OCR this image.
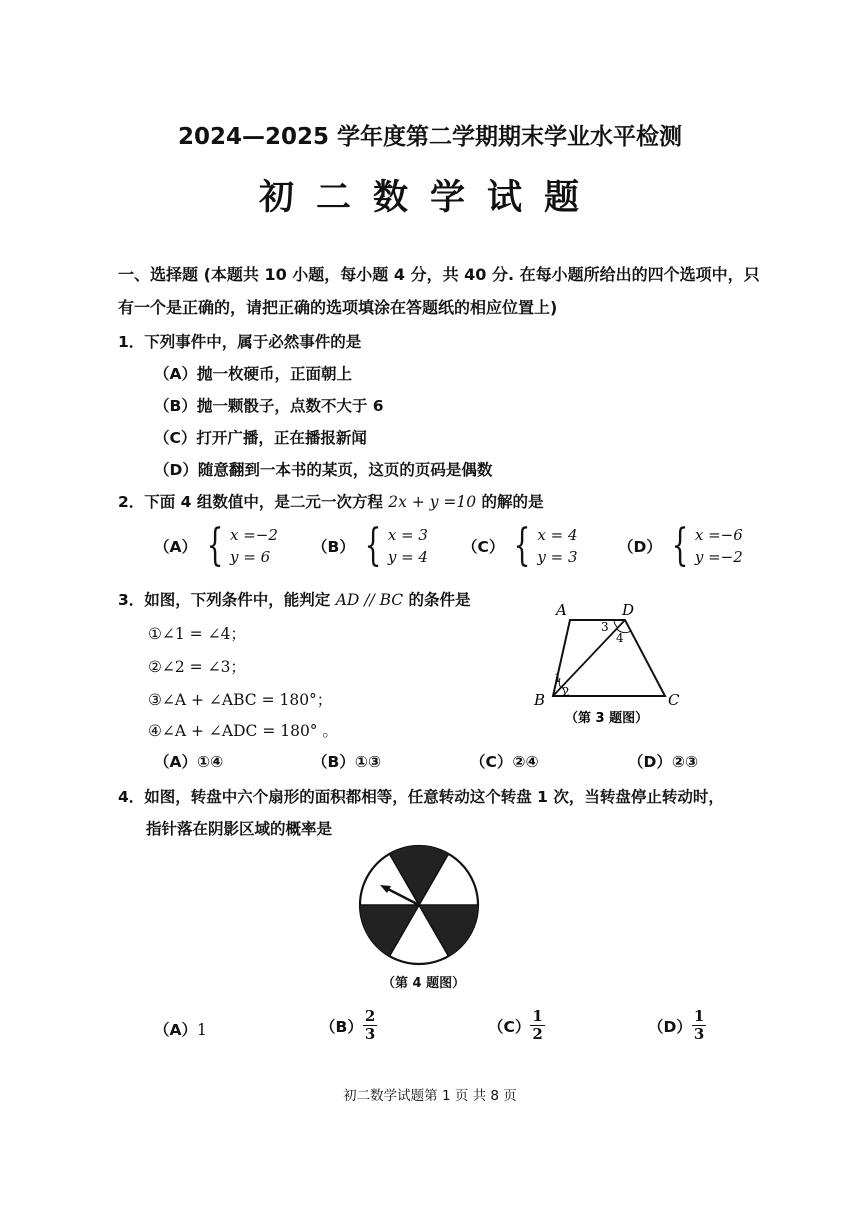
2024—2025 学年度第二学期期末学业水平检测
初二数学试题
一、选择题 (本题共 10 小题，每小题 4 分，共 40 分. 在每小题所给出的四个选项中，只
有一个是正确的，请把正确的选项填涂在答题纸的相应位置上)
1．下列事件中，属于必然事件的是
（A）抛一枚硬币，正面朝上
（B）抛一颗骰子，点数不大于 6
（C）打开广播，正在播报新闻
（D）随意翻到一本书的某页，这页的页码是偶数
2．下面 4 组数值中，是二元一次方程 2x + y =10 的解的是
（A） { x =−2
y = 6
（B） { x = 3
y = 4
（C） { x = 4
y = 3
（D） { x =−6
y =−2
3．如图，下列条件中，能判定 AD // BC 的条件是
①∠1 = ∠4；
②∠2 = ∠3；
③∠A + ∠ABC = 180°；
④∠A + ∠ADC = 180° 。
（A）①④	（B）①③	（C）②④	（D）②③
A	D
B	C
1
2
3
4
（第 3 题图）
4．如图，转盘中六个扇形的面积都相等，任意转动这个转盘 1 次，当转盘停止转动时，
指针落在阴影区域的概率是
（第 4 题图）
（A）1	$(B) \frac{2}{3}$	$(C) \frac{1}{2}$	$(D) \frac{1}{3}$
初二数学试题第 1 页 共 8 页
